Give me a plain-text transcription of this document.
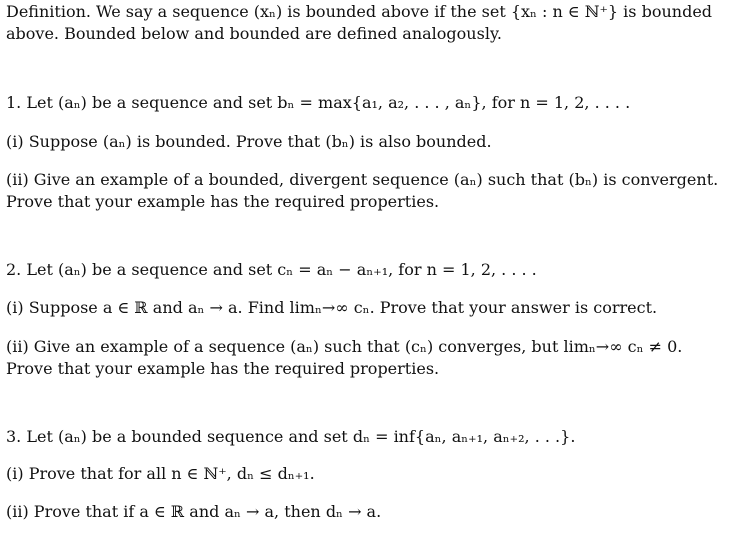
Definition. We say a sequence (xₙ) is bounded above if the set {xₙ : n ∈ ℕ⁺} is bounded
above. Bounded below and bounded are defined analogously.
1. Let (aₙ) be a sequence and set bₙ = max{a₁, a₂, . . . , aₙ}, for n = 1, 2, . . . .
(i) Suppose (aₙ) is bounded. Prove that (bₙ) is also bounded.
(ii) Give an example of a bounded, divergent sequence (aₙ) such that (bₙ) is convergent.
Prove that your example has the required properties.
2. Let (aₙ) be a sequence and set cₙ = aₙ − aₙ₊₁, for n = 1, 2, . . . .
(i) Suppose a ∈ ℝ and aₙ → a. Find limₙ→∞ cₙ. Prove that your answer is correct.
(ii) Give an example of a sequence (aₙ) such that (cₙ) converges, but limₙ→∞ cₙ ≠ 0.
Prove that your example has the required properties.
3. Let (aₙ) be a bounded sequence and set dₙ = inf{aₙ, aₙ₊₁, aₙ₊₂, . . .}.
(i) Prove that for all n ∈ ℕ⁺, dₙ ≤ dₙ₊₁.
(ii) Prove that if a ∈ ℝ and aₙ → a, then dₙ → a.
